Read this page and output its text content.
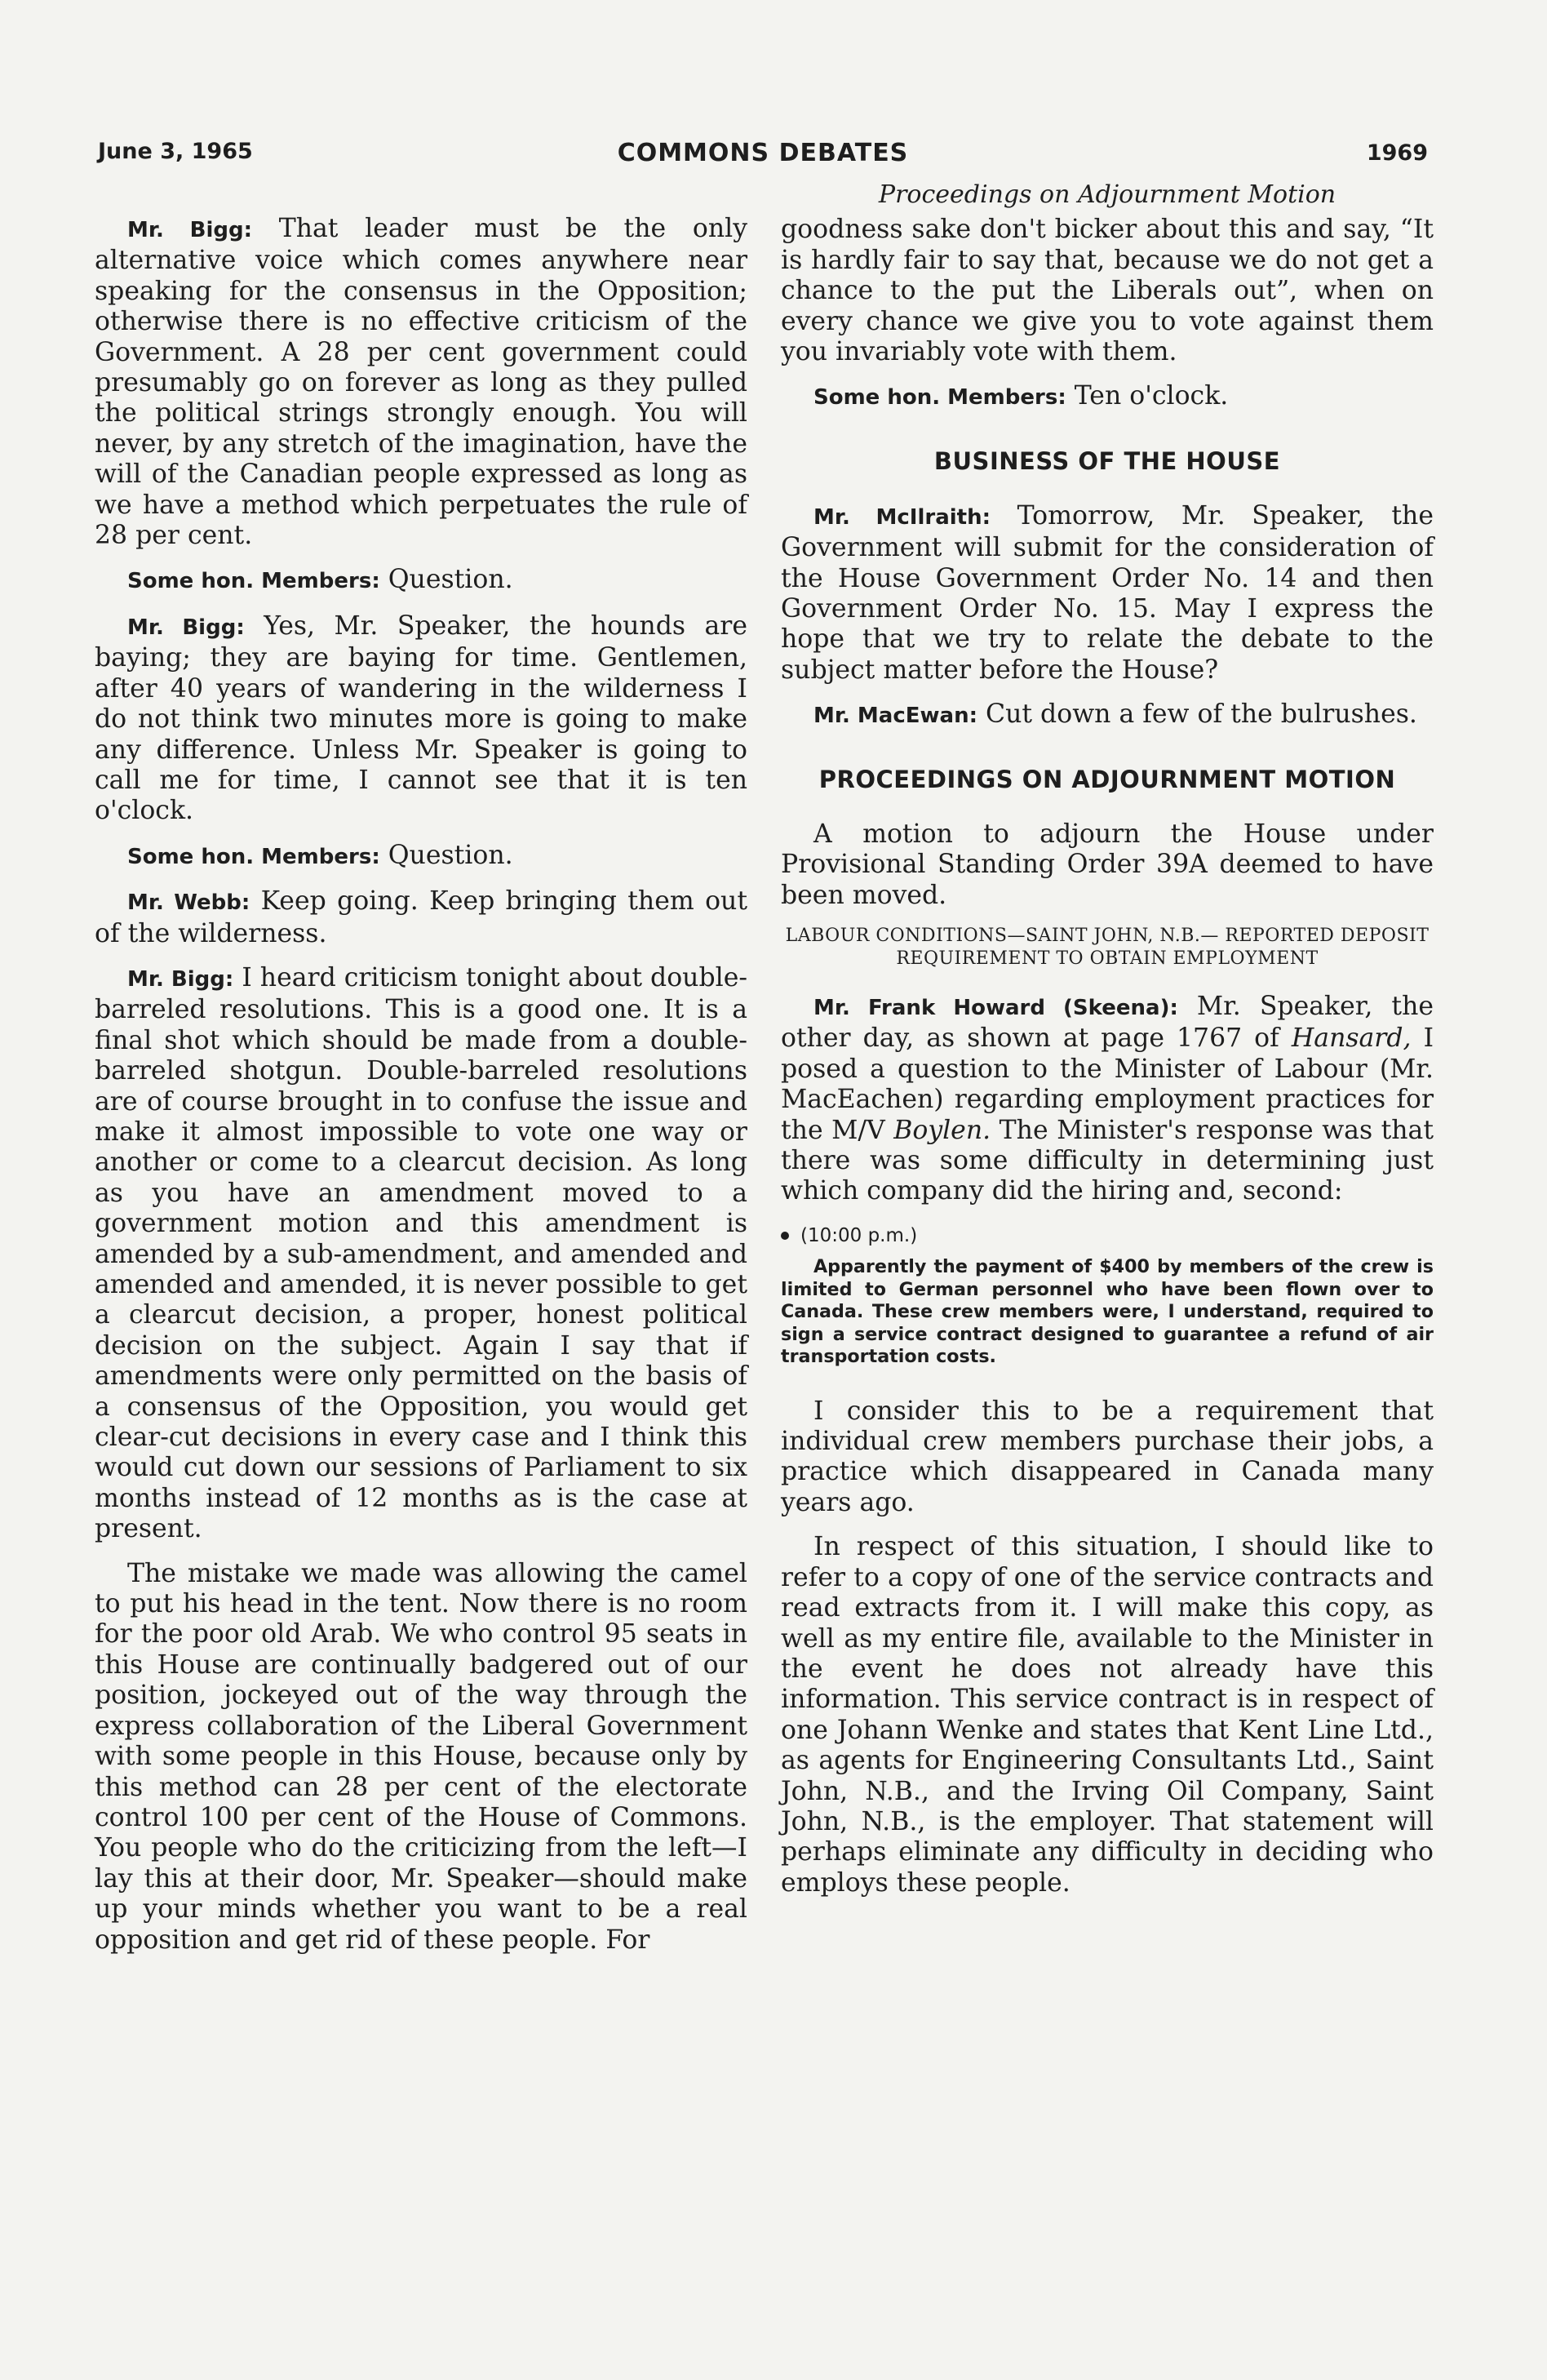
June 3, 1965	COMMONS DEBATES	1969

Mr. Bigg: That leader must be the only alternative voice which comes anywhere near speaking for the consensus in the Opposition; otherwise there is no effective criticism of the Government. A 28 per cent government could presumably go on forever as long as they pulled the political strings strongly enough. You will never, by any stretch of the imagination, have the will of the Canadian people expressed as long as we have a method which perpetuates the rule of 28 per cent.

Some hon. Members: Question.

Mr. Bigg: Yes, Mr. Speaker, the hounds are baying; they are baying for time. Gentlemen, after 40 years of wandering in the wilderness I do not think two minutes more is going to make any difference. Unless Mr. Speaker is going to call me for time, I cannot see that it is ten o'clock.

Some hon. Members: Question.

Mr. Webb: Keep going. Keep bringing them out of the wilderness.

Mr. Bigg: I heard criticism tonight about double-barreled resolutions. This is a good one. It is a final shot which should be made from a double-barreled shotgun. Double-barreled resolutions are of course brought in to confuse the issue and make it almost impossible to vote one way or another or come to a clearcut decision. As long as you have an amendment moved to a government motion and this amendment is amended by a sub-amendment, and amended and amended and amended, it is never possible to get a clearcut decision, a proper, honest political decision on the subject. Again I say that if amendments were only permitted on the basis of a consensus of the Opposition, you would get clear-cut decisions in every case and I think this would cut down our sessions of Parliament to six months instead of 12 months as is the case at present.

The mistake we made was allowing the camel to put his head in the tent. Now there is no room for the poor old Arab. We who control 95 seats in this House are continually badgered out of our position, jockeyed out of the way through the express collaboration of the Liberal Government with some people in this House, because only by this method can 28 per cent of the electorate control 100 per cent of the House of Commons. You people who do the criticizing from the left—I lay this at their door, Mr. Speaker—should make up your minds whether you want to be a real opposition and get rid of these people. For

Proceedings on Adjournment Motion

goodness sake don't bicker about this and say, “It is hardly fair to say that, because we do not get a chance to the put the Liberals out”, when on every chance we give you to vote against them you invariably vote with them.

Some hon. Members: Ten o'clock.

BUSINESS OF THE HOUSE

Mr. McIlraith: Tomorrow, Mr. Speaker, the Government will submit for the consideration of the House Government Order No. 14 and then Government Order No. 15. May I express the hope that we try to relate the debate to the subject matter before the House?

Mr. MacEwan: Cut down a few of the bulrushes.

PROCEEDINGS ON ADJOURNMENT MOTION

A motion to adjourn the House under Provisional Standing Order 39A deemed to have been moved.

LABOUR CONDITIONS—SAINT JOHN, N.B.— REPORTED DEPOSIT REQUIREMENT TO OBTAIN EMPLOYMENT

Mr. Frank Howard (Skeena): Mr. Speaker, the other day, as shown at page 1767 of Hansard, I posed a question to the Minister of Labour (Mr. MacEachen) regarding employment practices for the M/V Boylen. The Minister's response was that there was some difficulty in determining just which company did the hiring and, second:

(10:00 p.m.)
Apparently the payment of $400 by members of the crew is limited to German personnel who have been flown over to Canada. These crew members were, I understand, required to sign a service contract designed to guarantee a refund of air transportation costs.

I consider this to be a requirement that individual crew members purchase their jobs, a practice which disappeared in Canada many years ago.

In respect of this situation, I should like to refer to a copy of one of the service contracts and read extracts from it. I will make this copy, as well as my entire file, available to the Minister in the event he does not already have this information. This service contract is in respect of one Johann Wenke and states that Kent Line Ltd., as agents for Engineering Consultants Ltd., Saint John, N.B., and the Irving Oil Company, Saint John, N.B., is the employer. That statement will perhaps eliminate any difficulty in deciding who employs these people.
